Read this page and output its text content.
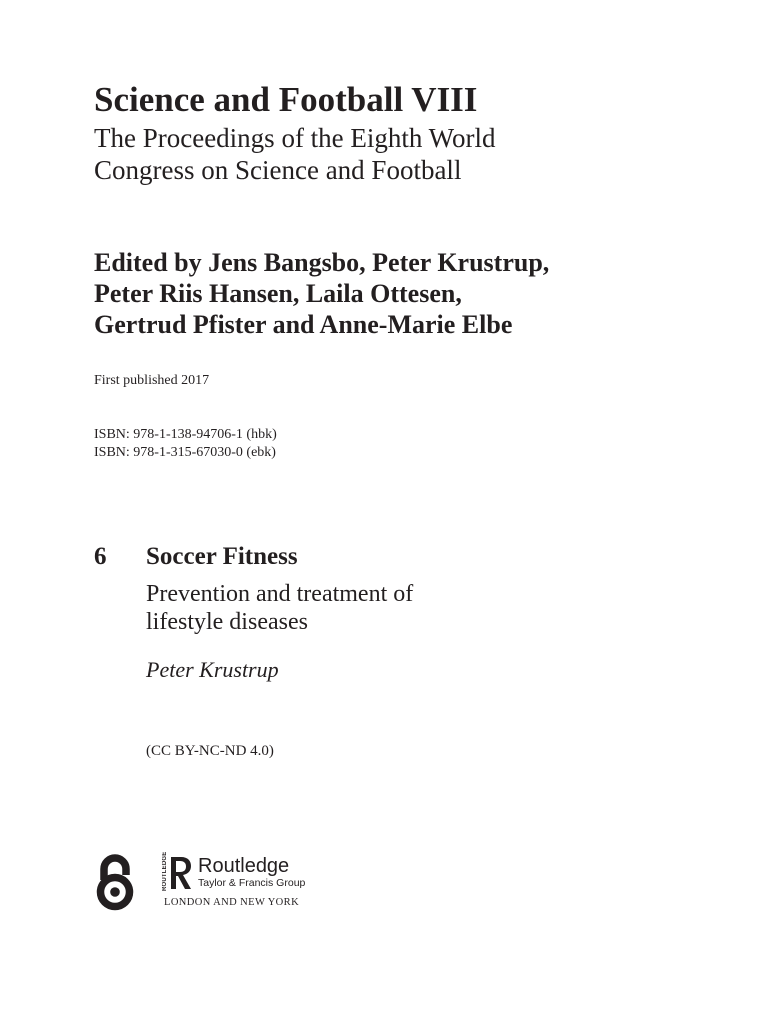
Science and Football VIII
The Proceedings of the Eighth World
Congress on Science and Football
Edited by Jens Bangsbo, Peter Krustrup,
Peter Riis Hansen, Laila Ottesen,
Gertrud Pfister and Anne-Marie Elbe
First published 2017
ISBN: 978-1-138-94706-1 (hbk)
ISBN: 978-1-315-67030-0 (ebk)
6 Soccer Fitness
Prevention and treatment of
lifestyle diseases
Peter Krustrup
(CC BY-NC-ND 4.0)
ROUTLEDGE Routledge
Taylor & Francis Group
LONDON AND NEW YORK
